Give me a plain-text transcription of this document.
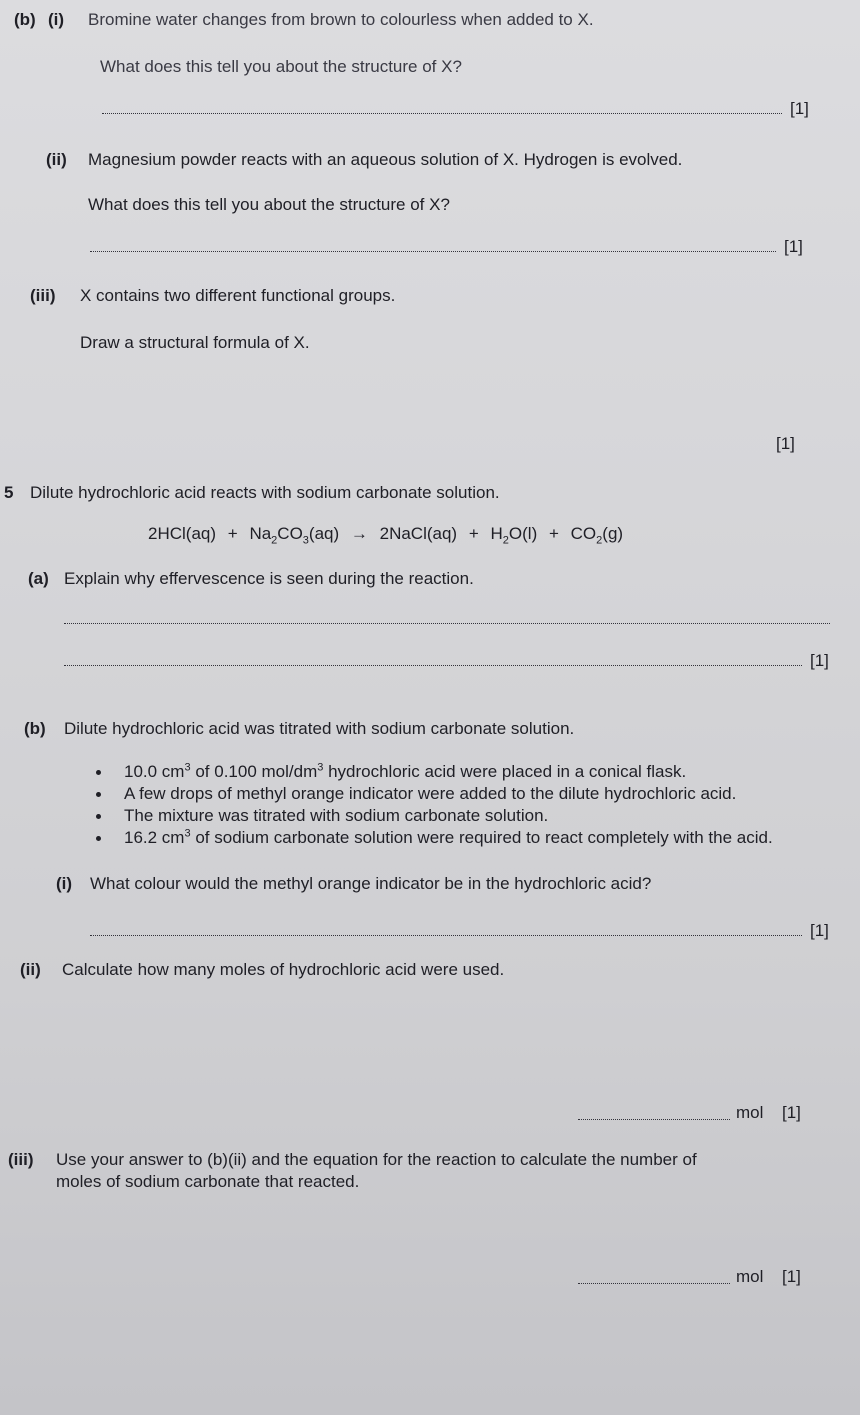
(b) (i) Bromine water changes from brown to colourless when added to X.
What does this tell you about the structure of X?
[1]
(ii) Magnesium powder reacts with an aqueous solution of X. Hydrogen is evolved.
What does this tell you about the structure of X?
[1]
(iii) X contains two different functional groups.
Draw a structural formula of X.
[1]
5 Dilute hydrochloric acid reacts with sodium carbonate solution.
$2HCl(aq) + Na_2CO_3(aq)$ → 2NaCl(aq) + $H_2O(l) + CO_2(g)$
(a) Explain why effervescence is seen during the reaction.
[1]
(b) Dilute hydrochloric acid was titrated with sodium carbonate solution.
10.0 $cm^3$ of 0.100 mol/$dm^3$ hydrochloric acid were placed in a conical flask.
A few drops of methyl orange indicator were added to the dilute hydrochloric acid.
The mixture was titrated with sodium carbonate solution.
16.2 $cm^3$ of sodium carbonate solution were required to react completely with the acid.
(i) What colour would the methyl orange indicator be in the hydrochloric acid?
[1]
(ii) Calculate how many moles of hydrochloric acid were used.
mol [1]
(iii) Use your answer to (b)(ii) and the equation for the reaction to calculate the number of
moles of sodium carbonate that reacted.
mol [1]
